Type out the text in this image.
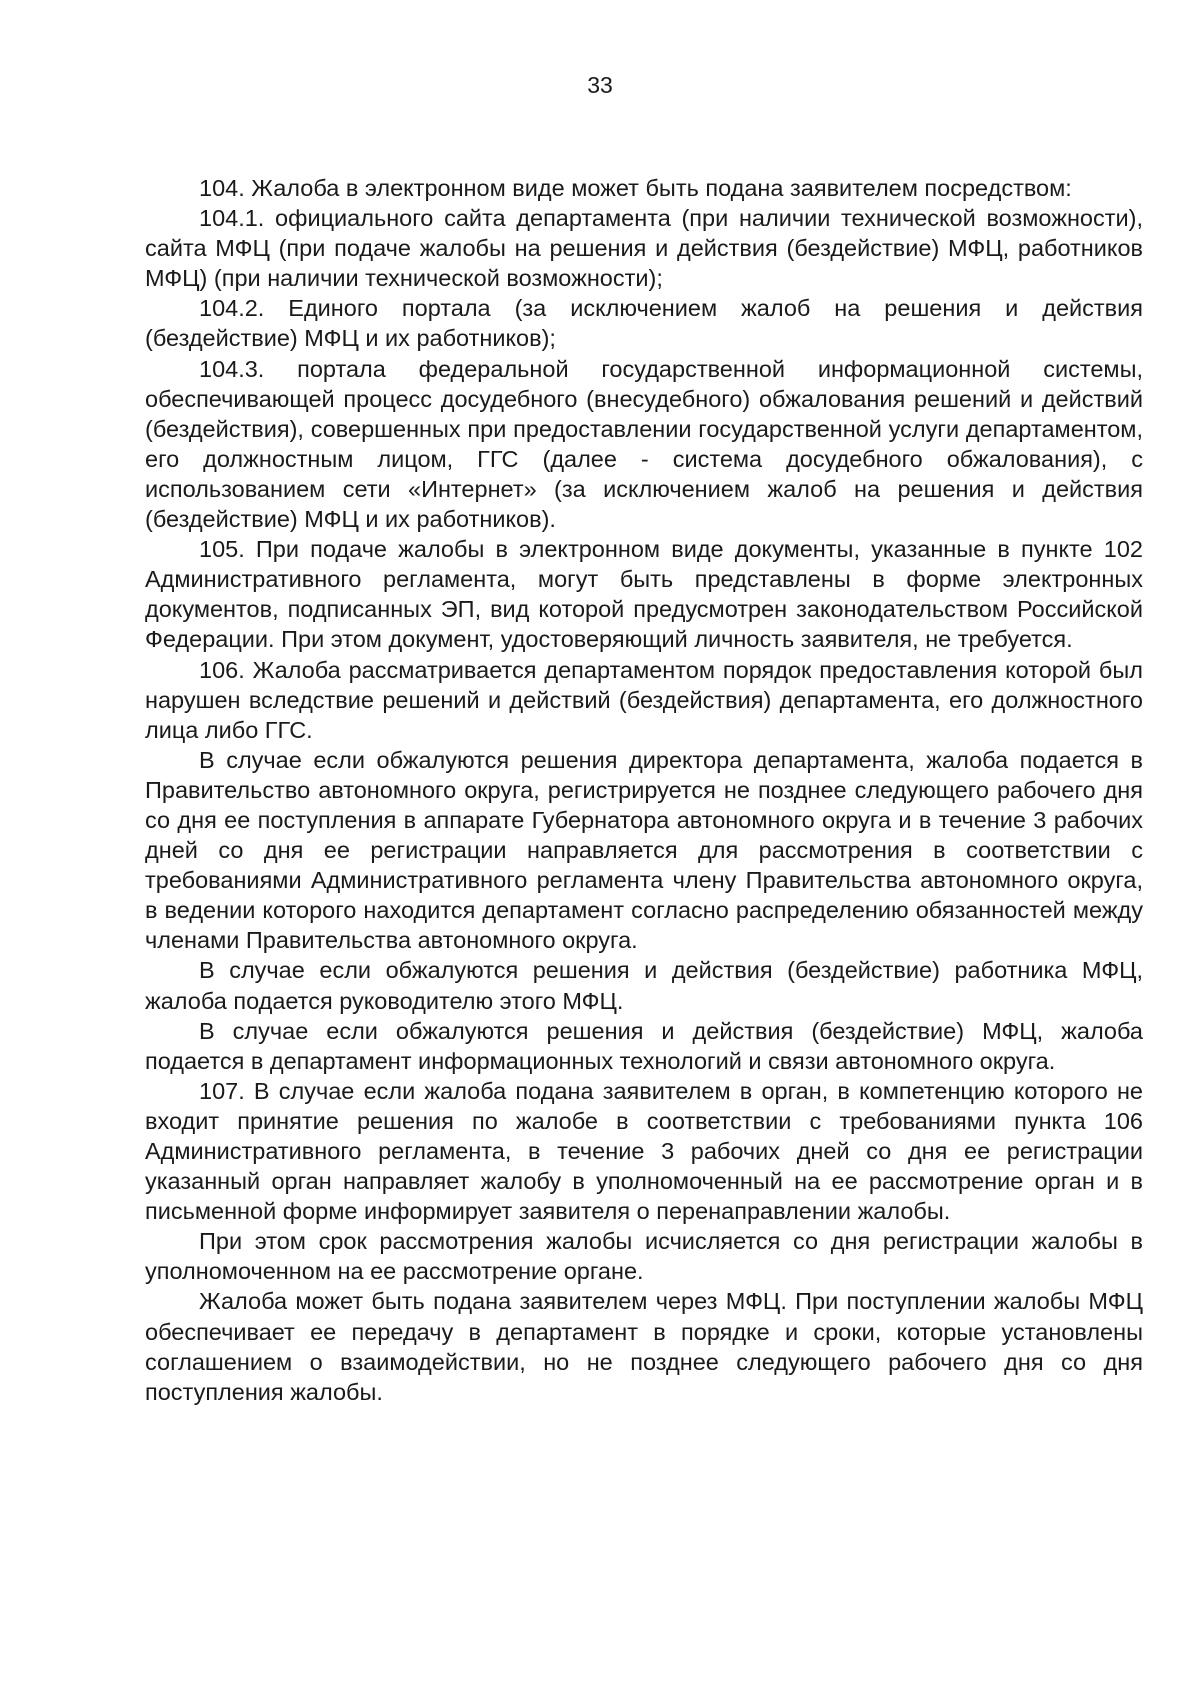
33

104. Жалоба в электронном виде может быть подана заявителем посредством:

104.1. официального сайта департамента (при наличии технической возможности), сайта МФЦ (при подаче жалобы на решения и действия (бездействие) МФЦ, работников МФЦ) (при наличии технической возможности);

104.2. Единого портала (за исключением жалоб на решения и действия (бездействие) МФЦ и их работников);

104.3. портала федеральной государственной информационной системы, обеспечивающей процесс досудебного (внесудебного) обжалования решений и действий (бездействия), совершенных при предоставлении государственной услуги департаментом, его должностным лицом, ГГС (далее - система досудебного обжалования), с использованием сети «Интернет» (за исключением жалоб на решения и действия (бездействие) МФЦ и их работников).

105. При подаче жалобы в электронном виде документы, указанные в пункте 102 Административного регламента, могут быть представлены в форме электронных документов, подписанных ЭП, вид которой предусмотрен законодательством Российской Федерации. При этом документ, удостоверяющий личность заявителя, не требуется.

106. Жалоба рассматривается департаментом порядок предоставления которой был нарушен вследствие решений и действий (бездействия) департамента, его должностного лица либо ГГС.

В случае если обжалуются решения директора департамента, жалоба подается в Правительство автономного округа, регистрируется не позднее следующего рабочего дня со дня ее поступления в аппарате Губернатора автономного округа и в течение 3 рабочих дней со дня ее регистрации направляется для рассмотрения в соответствии с требованиями Административного регламента члену Правительства автономного округа, в ведении которого находится департамент согласно распределению обязанностей между членами Правительства автономного округа.

В случае если обжалуются решения и действия (бездействие) работника МФЦ, жалоба подается руководителю этого МФЦ.

В случае если обжалуются решения и действия (бездействие) МФЦ, жалоба подается в департамент информационных технологий и связи автономного округа.

107. В случае если жалоба подана заявителем в орган, в компетенцию которого не входит принятие решения по жалобе в соответствии с требованиями пункта 106 Административного регламента, в течение 3 рабочих дней со дня ее регистрации указанный орган направляет жалобу в уполномоченный на ее рассмотрение орган и в письменной форме информирует заявителя о перенаправлении жалобы.

При этом срок рассмотрения жалобы исчисляется со дня регистрации жалобы в уполномоченном на ее рассмотрение органе.

Жалоба может быть подана заявителем через МФЦ. При поступлении жалобы МФЦ обеспечивает ее передачу в департамент в порядке и сроки, которые установлены соглашением о взаимодействии, но не позднее следующего рабочего дня со дня поступления жалобы.
